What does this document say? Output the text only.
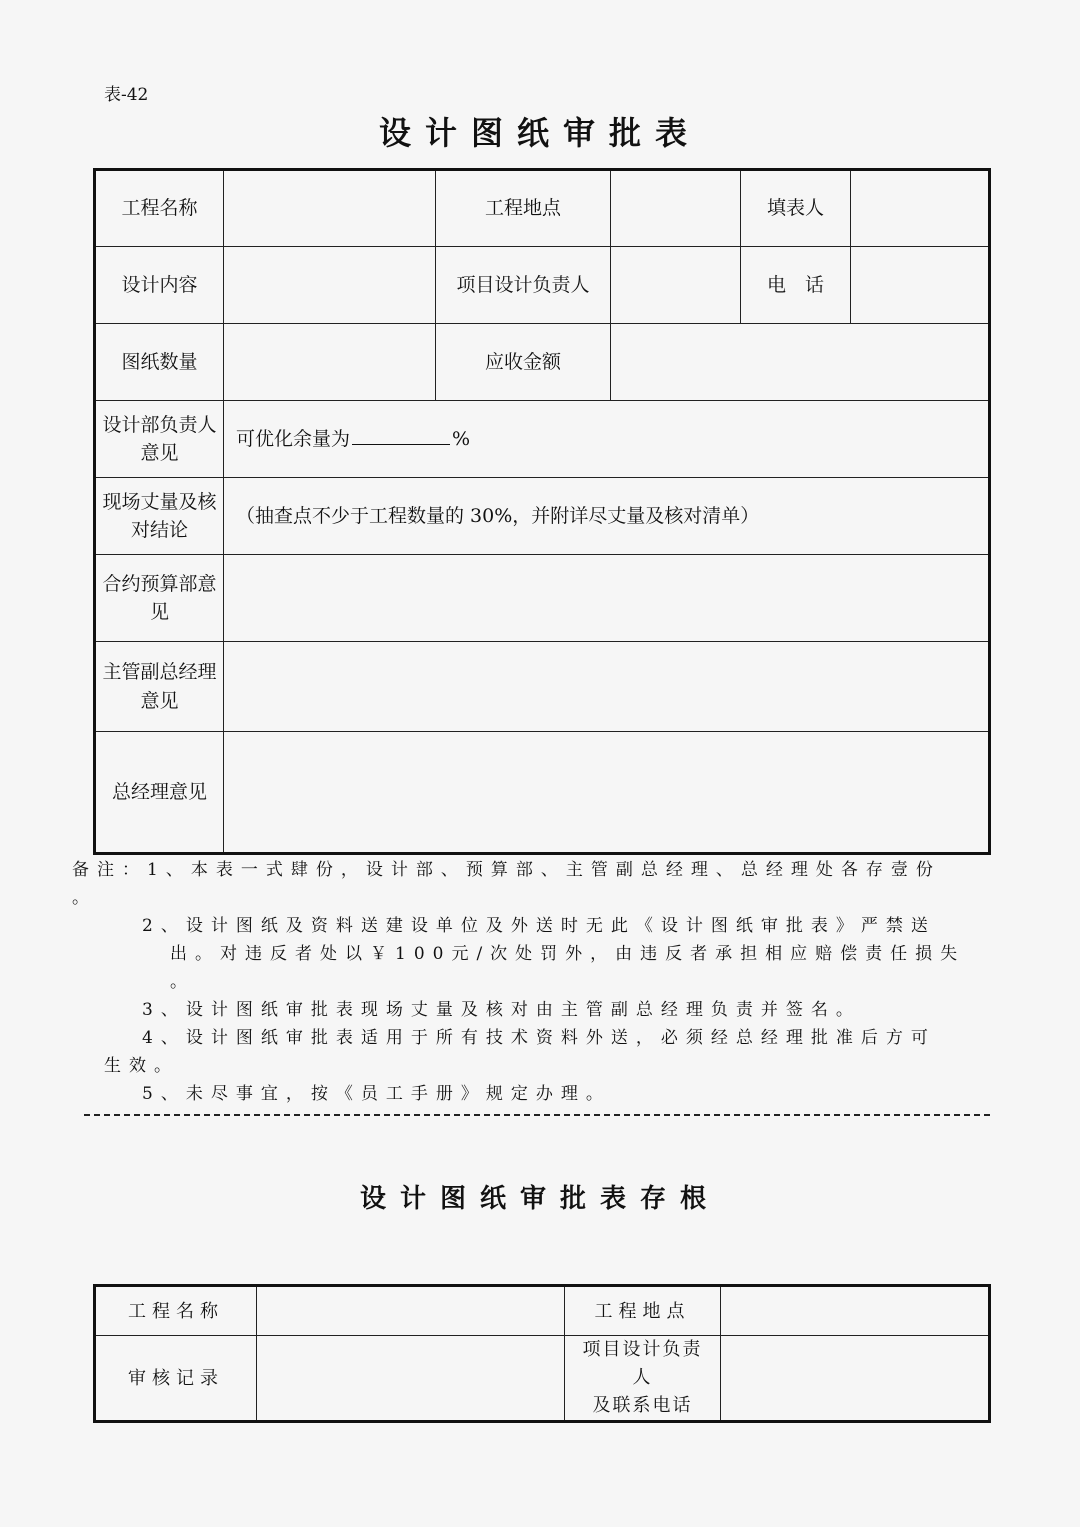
表-42
设计图纸审批表
工程名称		工程地点		填表人	
设计内容		项目设计负责人		电　话	
图纸数量		应收金额			
设计部负责人意见	可优化余量为 %				
现场丈量及核对结论	（抽查点不少于工程数量的 30%，并附详尽丈量及核对清单）				
合约预算部意见					
主管副总经理意见					
总经理意见					

备注：1、本表一式肆份，设计部、预算部、主管副总经理、总经理处各存壹份

。

2、设计图纸及资料送建设单位及外送时无此《设计图纸审批表》严禁送

出。对违反者处以￥100元/次处罚外，由违反者承担相应赔偿责任损失

。

3、设计图纸审批表现场丈量及核对由主管副总经理负责并签名。

4、设计图纸审批表适用于所有技术资料外送，必须经总经理批准后方可

生效。

5、未尽事宜，按《员工手册》规定办理。

设计图纸审批表存根
工程名称		工程地点	
审核记录		项目设计负责
人
及联系电话	
